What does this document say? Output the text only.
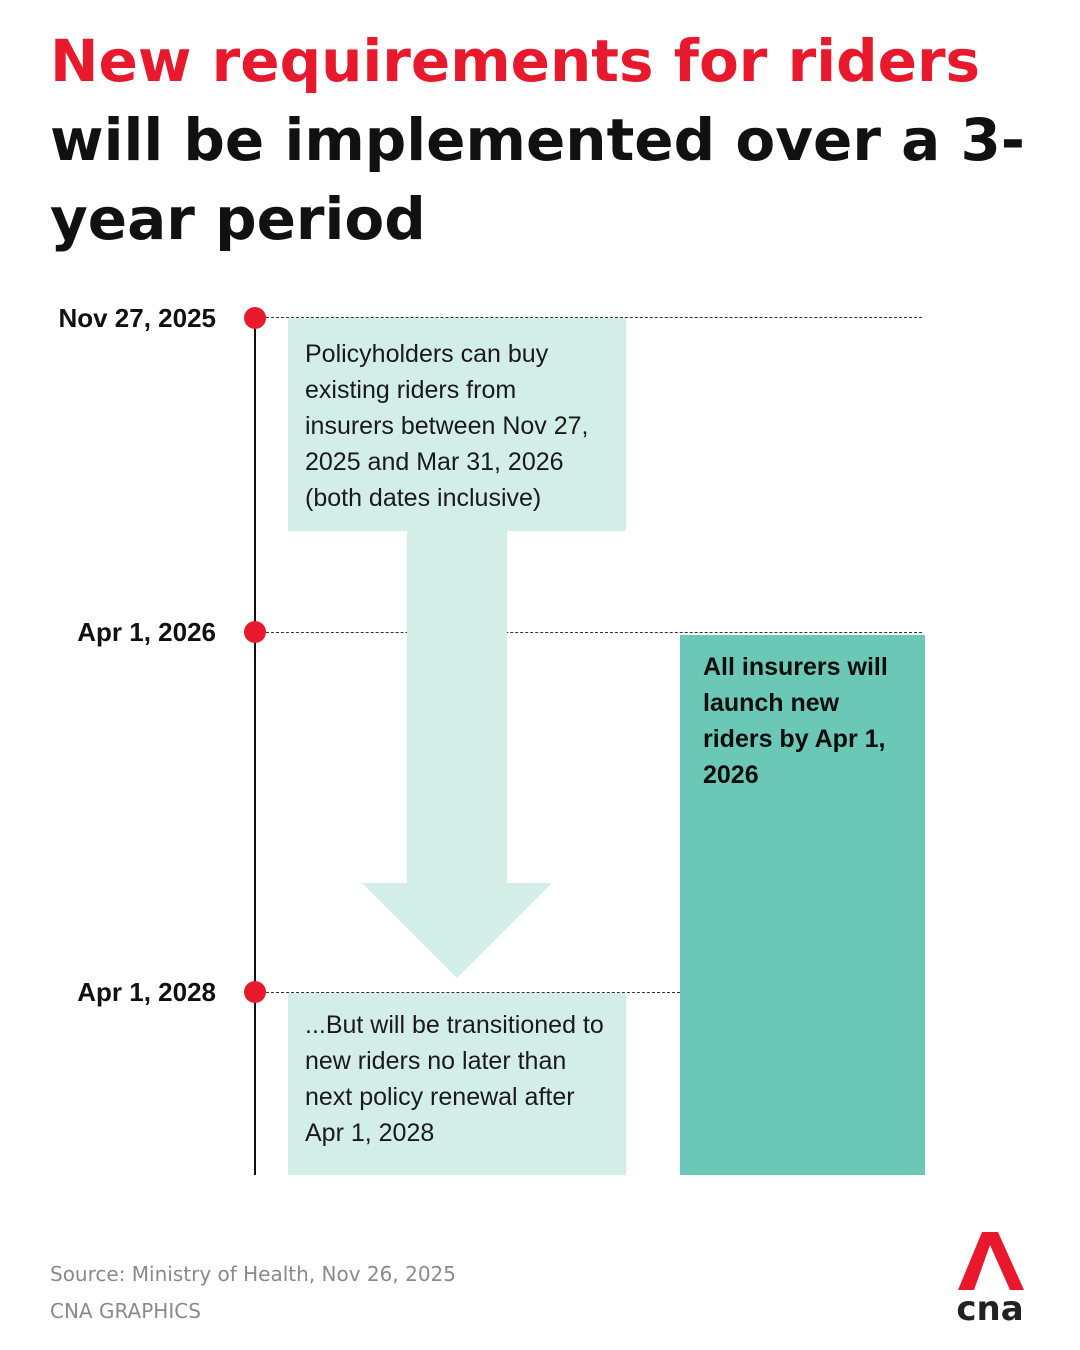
New requirements for riders
will be implemented over a 3-year period
Nov 27, 2025
Apr 1, 2026
Apr 1, 2028
Policyholders can buy existing riders from insurers between Nov 27, 2025 and Mar 31, 2026 (both dates inclusive)
All insurers will launch new riders by Apr 1, 2026
...But will be transitioned to new riders no later than next policy renewal after Apr 1, 2028
Source: Ministry of Health, Nov 26, 2025
CNA GRAPHICS	cna
